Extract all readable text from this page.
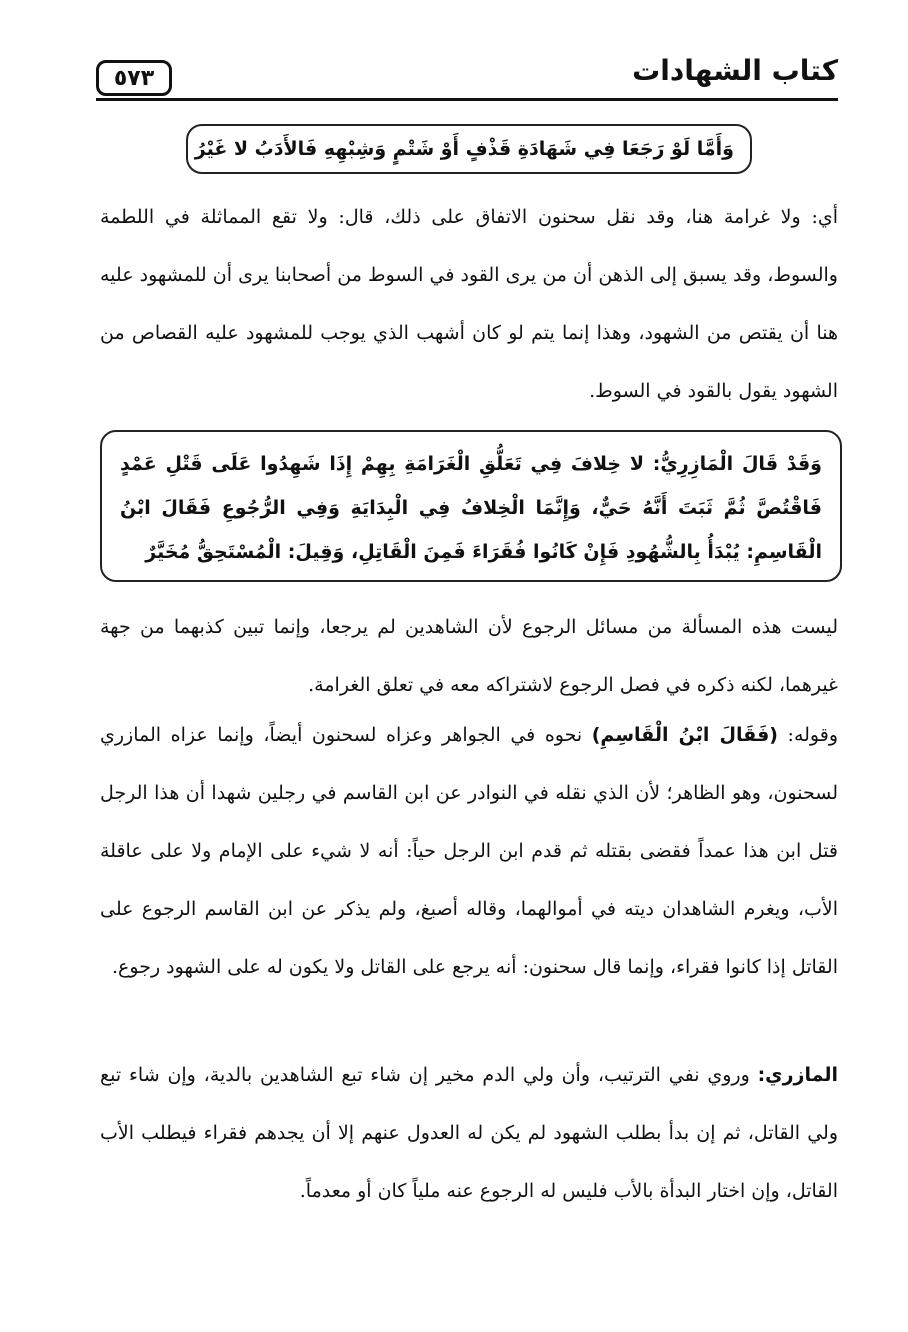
٥٧٣	كتاب الشهادات
وَأَمَّا لَوْ رَجَعَا فِي شَهَادَةِ قَذْفٍ أَوْ شَتْمٍ وَشِبْهِهِ فَالأَدَبُ لا غَيْرُ
أي: ولا غرامة هنا، وقد نقل سحنون الاتفاق على ذلك، قال: ولا تقع المماثلة في اللطمة والسوط، وقد يسبق إلى الذهن أن من يرى القود في السوط من أصحابنا يرى أن للمشهود عليه هنا أن يقتص من الشهود، وهذا إنما يتم لو كان أشهب الذي يوجب للمشهود عليه القصاص من الشهود يقول بالقود في السوط.
وَقَدْ قَالَ الْمَازِرِيُّ: لا خِلافَ فِي تَعَلُّقِ الْغَرَامَةِ بِهِمْ إِذَا شَهِدُوا عَلَى قَتْلِ عَمْدٍ فَاقْتُصَّ ثُمَّ ثَبَتَ أَنَّهُ حَيٌّ، وَإِنَّمَا الْخِلافُ فِي الْبِدَايَةِ وَفِي الرُّجُوعِ فَقَالَ ابْنُ الْقَاسِمِ: يُبْدَأُ بِالشُّهُودِ فَإِنْ كَانُوا فُقَرَاءَ فَمِنَ الْقَاتِلِ، وَقِيلَ: الْمُسْتَحِقُّ مُخَيَّرٌ
ليست هذه المسألة من مسائل الرجوع لأن الشاهدين لم يرجعا، وإنما تبين كذبهما من جهة غيرهما، لكنه ذكره في فصل الرجوع لاشتراكه معه في تعلق الغرامة.
وقوله: (فَقَالَ ابْنُ الْقَاسِمِ) نحوه في الجواهر وعزاه لسحنون أيضاً، وإنما عزاه المازري لسحنون، وهو الظاهر؛ لأن الذي نقله في النوادر عن ابن القاسم في رجلين شهدا أن هذا الرجل قتل ابن هذا عمداً فقضى بقتله ثم قدم ابن الرجل حياً: أنه لا شيء على الإمام ولا على عاقلة الأب، ويغرم الشاهدان ديته في أموالهما، وقاله أصبغ، ولم يذكر عن ابن القاسم الرجوع على القاتل إذا كانوا فقراء، وإنما قال سحنون: أنه يرجع على القاتل ولا يكون له على الشهود رجوع.
المازري: وروي نفي الترتيب، وأن ولي الدم مخير إن شاء تبع الشاهدين بالدية، وإن شاء تبع ولي القاتل، ثم إن بدأ بطلب الشهود لم يكن له العدول عنهم إلا أن يجدهم فقراء فيطلب الأب القاتل، وإن اختار البدأة بالأب فليس له الرجوع عنه ملياً كان أو معدماً.
